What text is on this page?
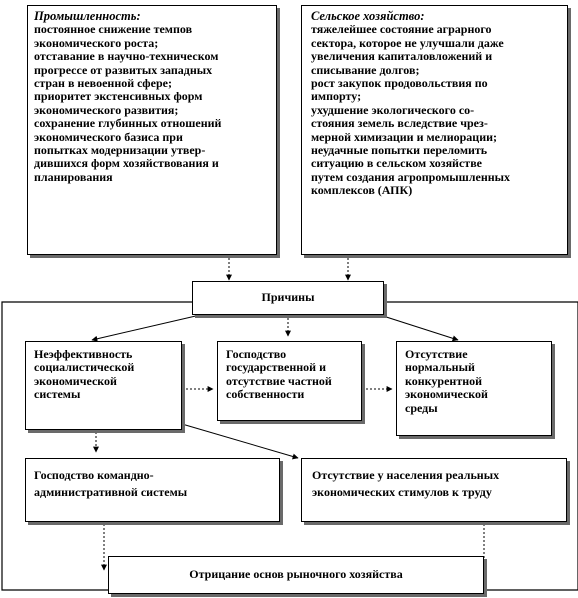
Промышленность:
постоянное снижение темпов
экономического роста;
отставание в научно-техническом
прогрессе от развитых западных
стран в невоенной сфере;
приоритет экстенсивных форм
экономического развития;
сохранение глубинных отношений
экономического базиса при
попытках модернизации утвер-
дившихся форм хозяйствования и
планирования
Сельское хозяйство:
тяжелейшее состояние аграрного
сектора, которое не улучшали даже
увеличения капиталовложений и
списывание долгов;
рост закупок продовольствия по
импорту;
ухудшение экологического со-
стояния земель вследствие чрез-
мерной химизации и мелиорации;
неудачные попытки переломить
ситуацию в сельском хозяйстве
путем создания агропромышленных
комплексов (АПК)
Причины
Неэффективность
социалистической
экономической
системы
Господство
государственной и
отсутствие частной
собственности
Отсутствие
нормальный
конкурентной
экономической
среды
Господство командно-
административной системы
Отсутствие у населения реальных
экономических стимулов к труду
Отрицание основ рыночного хозяйства
